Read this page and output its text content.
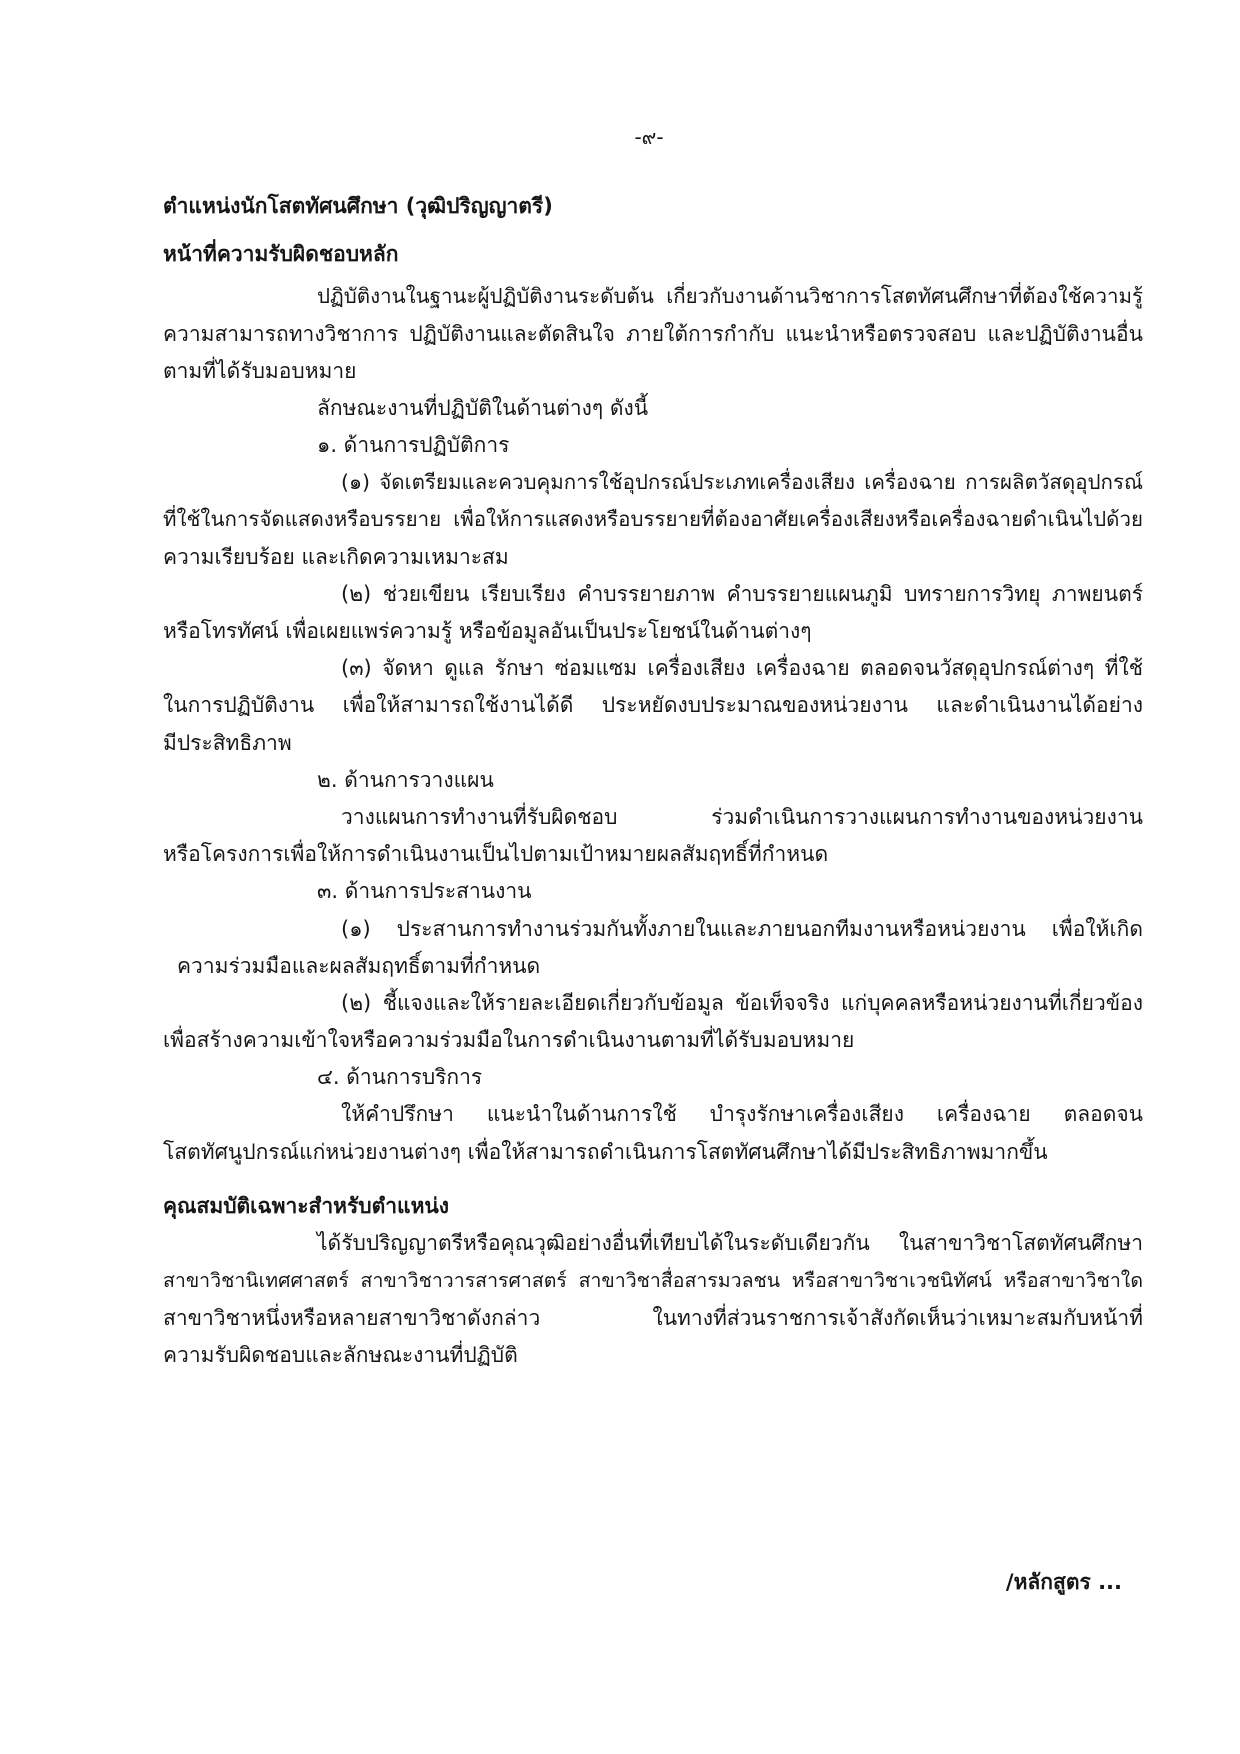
-๙-
ตำแหน่งนักโสตทัศนศึกษา (วุฒิปริญญาตรี)
หน้าที่ความรับผิดชอบหลัก
ปฏิบัติงานในฐานะผู้ปฏิบัติงานระดับต้น เกี่ยวกับงานด้านวิชาการโสตทัศนศึกษาที่ต้องใช้ความรู้
ความสามารถทางวิชาการ ปฏิบัติงานและตัดสินใจ ภายใต้การกำกับ แนะนำหรือตรวจสอบ และปฏิบัติงานอื่น
ตามที่ได้รับมอบหมาย
ลักษณะงานที่ปฏิบัติในด้านต่างๆ ดังนี้
๑. ด้านการปฏิบัติการ
(๑) จัดเตรียมและควบคุมการใช้อุปกรณ์ประเภทเครื่องเสียง เครื่องฉาย การผลิตวัสดุอุปกรณ์
ที่ใช้ในการจัดแสดงหรือบรรยาย เพื่อให้การแสดงหรือบรรยายที่ต้องอาศัยเครื่องเสียงหรือเครื่องฉายดำเนินไปด้วย
ความเรียบร้อย และเกิดความเหมาะสม
(๒) ช่วยเขียน เรียบเรียง คำบรรยายภาพ คำบรรยายแผนภูมิ บทรายการวิทยุ ภาพยนตร์
หรือโทรทัศน์ เพื่อเผยแพร่ความรู้ หรือข้อมูลอันเป็นประโยชน์ในด้านต่างๆ
(๓) จัดหา ดูแล รักษา ซ่อมแซม เครื่องเสียง เครื่องฉาย ตลอดจนวัสดุอุปกรณ์ต่างๆ ที่ใช้
ในการปฏิบัติงาน เพื่อให้สามารถใช้งานได้ดี ประหยัดงบประมาณของหน่วยงาน และดำเนินงานได้อย่าง
มีประสิทธิภาพ
๒. ด้านการวางแผน
วางแผนการทำงานที่รับผิดชอบ ร่วมดำเนินการวางแผนการทำงานของหน่วยงาน
หรือโครงการเพื่อให้การดำเนินงานเป็นไปตามเป้าหมายผลสัมฤทธิ์ที่กำหนด
๓. ด้านการประสานงาน
(๑) ประสานการทำงานร่วมกันทั้งภายในและภายนอกทีมงานหรือหน่วยงาน เพื่อให้เกิด
ความร่วมมือและผลสัมฤทธิ์ตามที่กำหนด
(๒) ชี้แจงและให้รายละเอียดเกี่ยวกับข้อมูล ข้อเท็จจริง แก่บุคคลหรือหน่วยงานที่เกี่ยวข้อง
เพื่อสร้างความเข้าใจหรือความร่วมมือในการดำเนินงานตามที่ได้รับมอบหมาย
๔. ด้านการบริการ
ให้คำปรึกษา แนะนำในด้านการใช้ บำรุงรักษาเครื่องเสียง เครื่องฉาย ตลอดจน
โสตทัศนูปกรณ์แก่หน่วยงานต่างๆ เพื่อให้สามารถดำเนินการโสตทัศนศึกษาได้มีประสิทธิภาพมากขึ้น
คุณสมบัติเฉพาะสำหรับตำแหน่ง
ได้รับปริญญาตรีหรือคุณวุฒิอย่างอื่นที่เทียบได้ในระดับเดียวกัน ในสาขาวิชาโสตทัศนศึกษา
สาขาวิชานิเทศศาสตร์ สาขาวิชาวารสารศาสตร์ สาขาวิชาสื่อสารมวลชน หรือสาขาวิชาเวชนิทัศน์ หรือสาขาวิชาใด
สาขาวิชาหนึ่งหรือหลายสาขาวิชาดังกล่าว ในทางที่ส่วนราชการเจ้าสังกัดเห็นว่าเหมาะสมกับหน้าที่
ความรับผิดชอบและลักษณะงานที่ปฏิบัติ
/หลักสูตร ...
